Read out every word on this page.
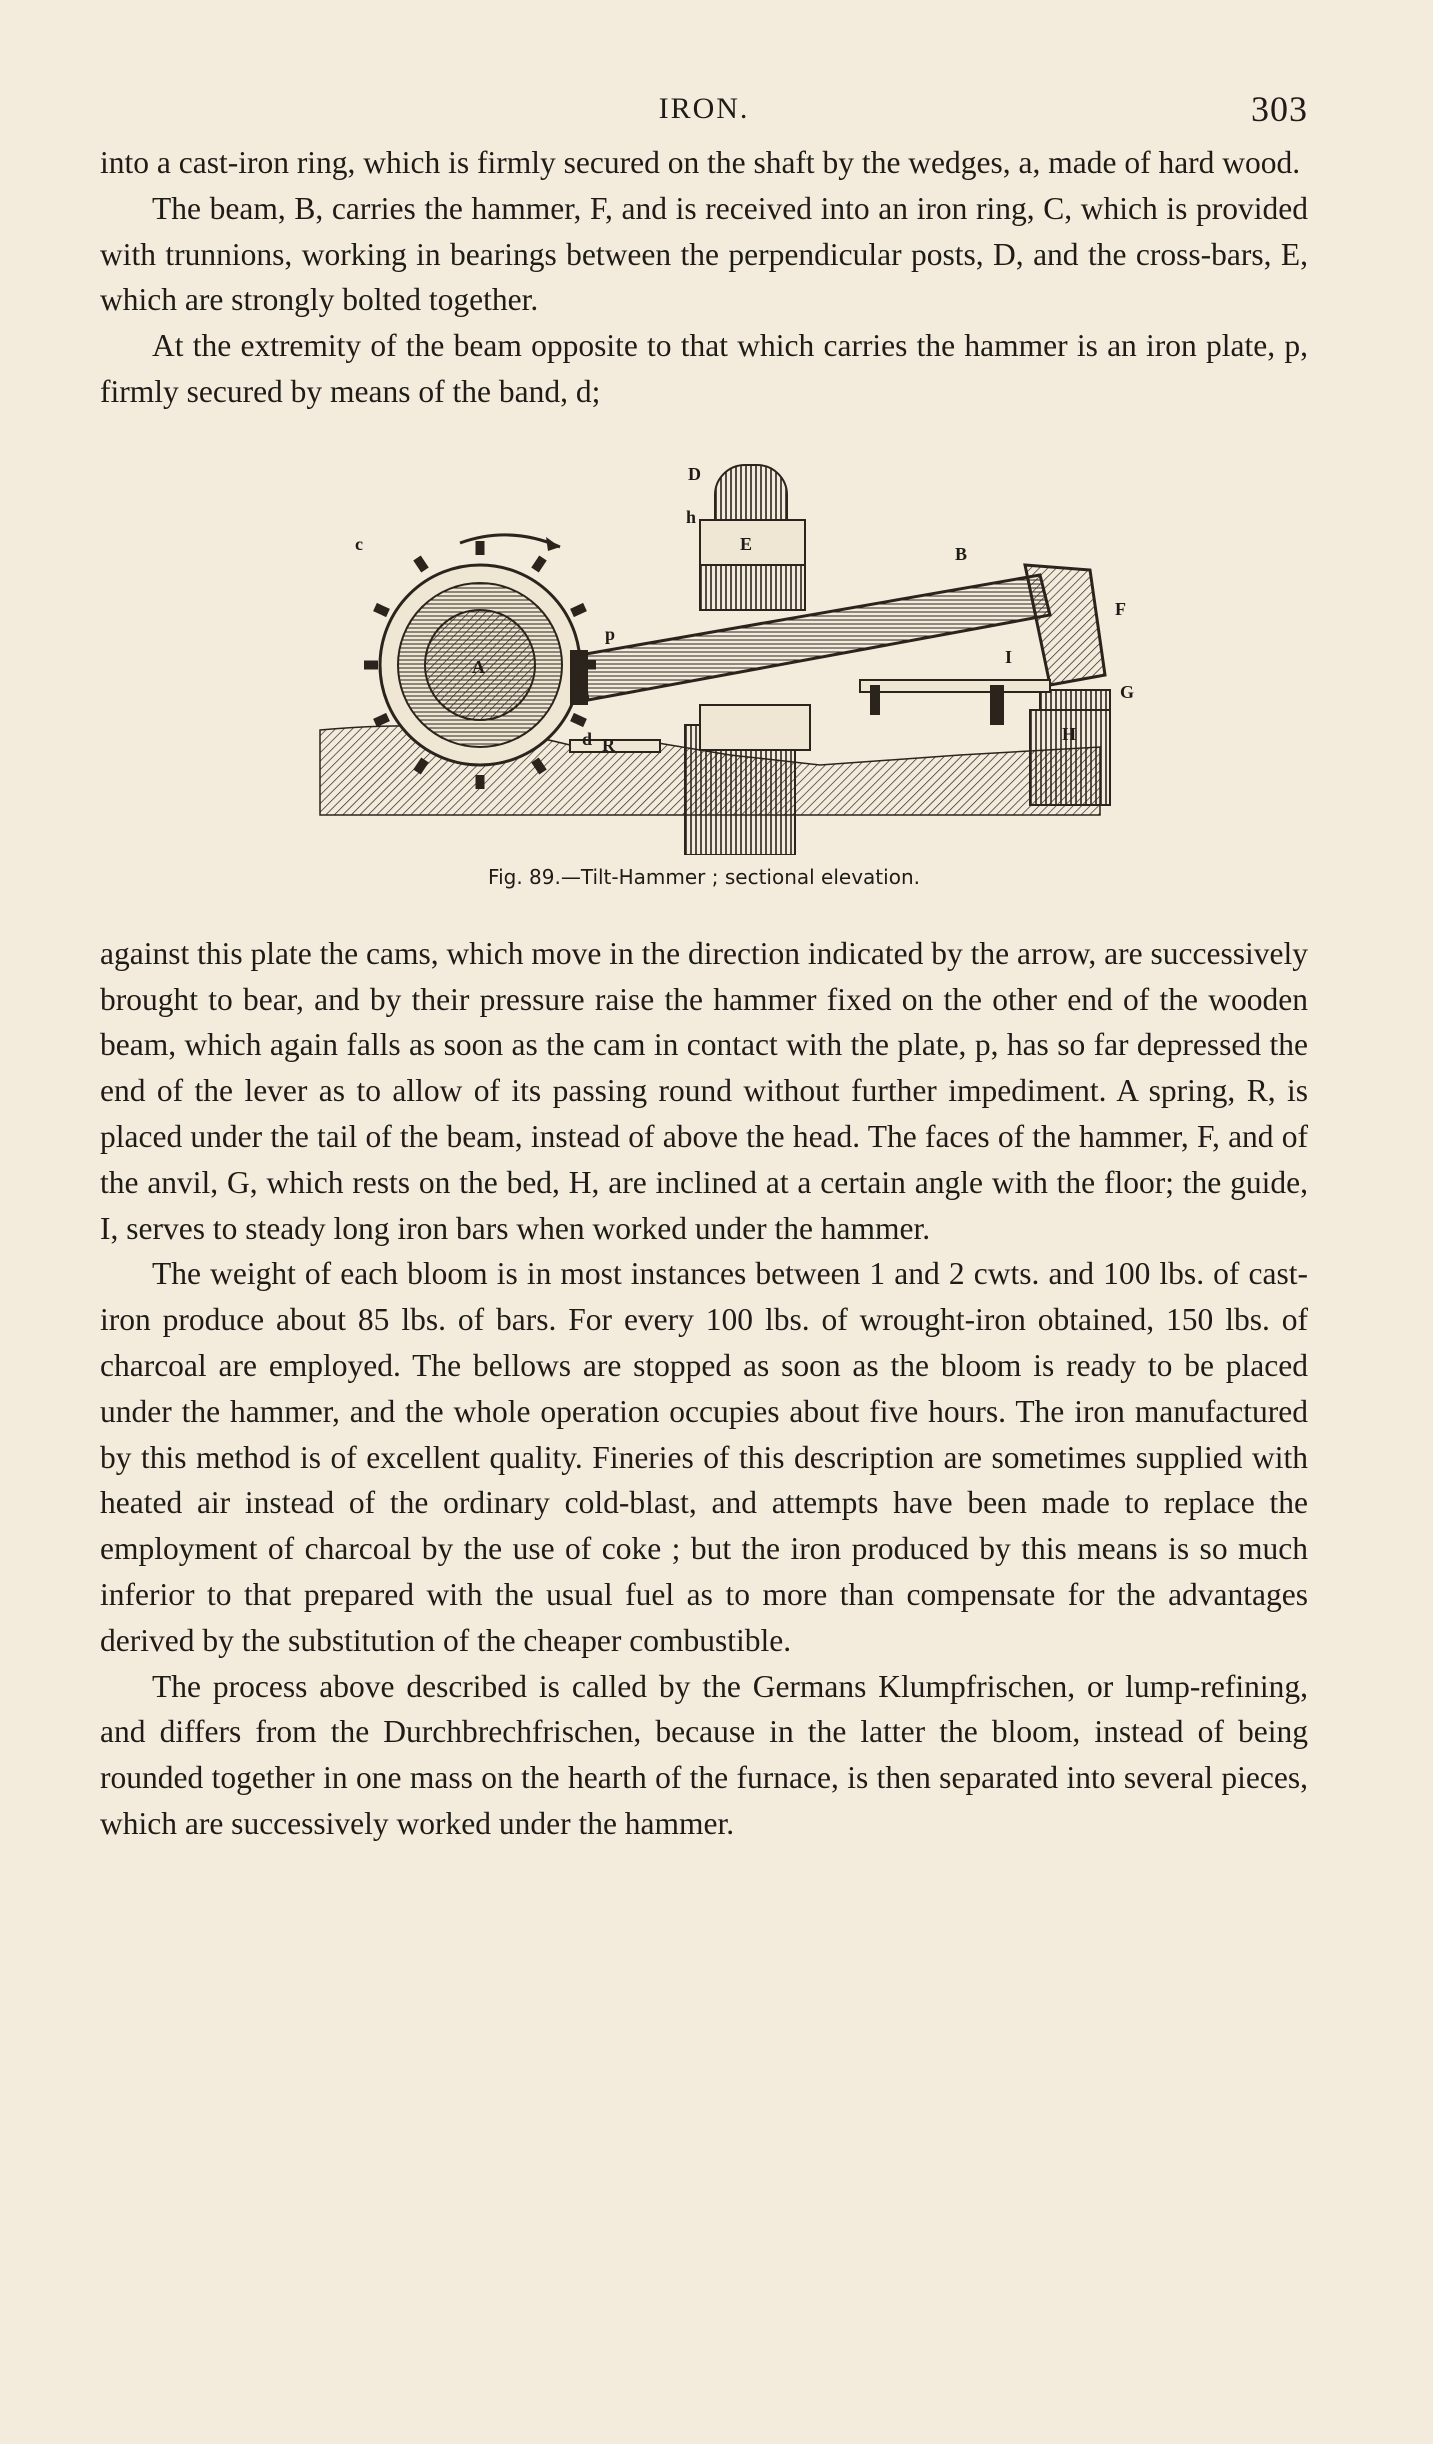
IRON.	303

into a cast-iron ring, which is firmly secured on the shaft by the wedges, a, made of hard wood.

The beam, B, carries the hammer, F, and is received into an iron ring, C, which is provided with trunnions, working in bearings between the perpendicular posts, D, and the cross-bars, E, which are strongly bolted together.

At the extremity of the beam opposite to that which carries the hammer is an iron plate, p, firmly secured by means of the band, d;

A
c
D
h
E	B
p
I
F
G
H
d R
Fig. 89.—Tilt-Hammer ; sectional elevation.

against this plate the cams, which move in the direction indicated by the arrow, are successively brought to bear, and by their pressure raise the hammer fixed on the other end of the wooden beam, which again falls as soon as the cam in contact with the plate, p, has so far depressed the end of the lever as to allow of its passing round without further impediment. A spring, R, is placed under the tail of the beam, instead of above the head. The faces of the hammer, F, and of the anvil, G, which rests on the bed, H, are inclined at a certain angle with the floor; the guide, I, serves to steady long iron bars when worked under the hammer.

The weight of each bloom is in most instances between 1 and 2 cwts. and 100 lbs. of cast-iron produce about 85 lbs. of bars. For every 100 lbs. of wrought-iron obtained, 150 lbs. of charcoal are employed. The bellows are stopped as soon as the bloom is ready to be placed under the hammer, and the whole operation occupies about five hours. The iron manufactured by this method is of excellent quality. Fineries of this description are sometimes supplied with heated air instead of the ordinary cold-blast, and attempts have been made to replace the employment of charcoal by the use of coke ; but the iron produced by this means is so much inferior to that prepared with the usual fuel as to more than compensate for the advantages derived by the substitution of the cheaper combustible.

The process above described is called by the Germans Klumpfrischen, or lump-refining, and differs from the Durchbrechfrischen, because in the latter the bloom, instead of being rounded together in one mass on the hearth of the furnace, is then separated into several pieces, which are successively worked under the hammer.
